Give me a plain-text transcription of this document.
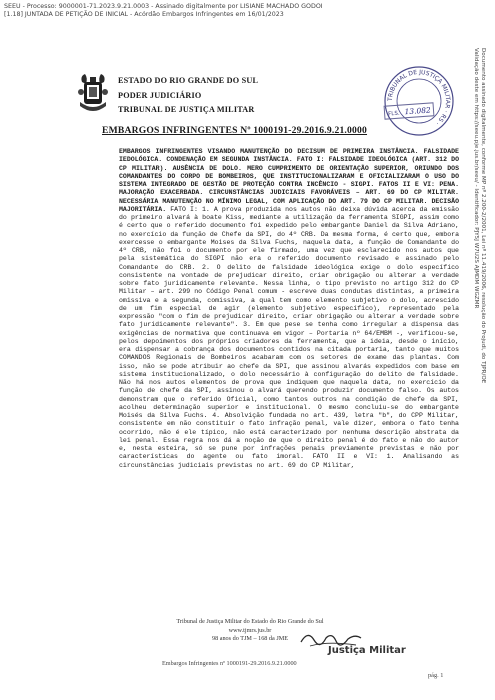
SEEU - Processo: 9000001-71.2023.9.21.0003 - Assinado digitalmente por LISIANE MACHADO GODOI
[1.18] JUNTADA DE PETIÇÃO DE INICIAL - Acórdão Embargos Infringentes em 16/01/2023
ESTADO DO RIO GRANDE DO SUL
PODER JUDICIÁRIO
TRIBUNAL DE JUSTIÇA MILITAR
TRIBUNAL DE JUSTIÇA MILITAR · RS ·
FLS. 13.082	Documento assinado digitalmente, conforme MP nº 2.200-2/2001, Lei nº 11.419/2006, resolução do Projudi, do TJPR/OE
Validação deste em https://seeu.pje.jus.br/seeu/ - Identificador: PJY5J W7U2S AJMDM WGZMR
EMBARGOS INFRINGENTES Nº 1000191-29.2016.9.21.0000
EMBARGOS INFRINGENTES VISANDO MANUTENÇÃO DO DECISUM DE PRIMEIRA INSTÂNCIA. FALSIDADE IEDOLÓGICA. CONDENAÇÃO EM SEGUNDA INSTÂNCIA. FATO I: FALSIDADE IDEOLÓGICA (ART. 312 DO CP MILITAR). AUSÊNCIA DE DOLO. MERO CUMPRIMENTO DE ORIENTAÇÃO SUPERIOR, ORIUNDO DOS COMANDANTES DO CORPO DE BOMBEIROS, QUE INSTITUCIONALIZARAM E OFICIALIZARAM O USO DO SISTEMA INTEGRADO DE GESTÃO DE PROTEÇÃO CONTRA INCÊNCIO - SIGPI. FATOS II E VI: PENA. MAJORAÇÃO EXACERBADA. CIRCUNSTÂNCIAS JUDICIAIS FAVORÁVEIS – ART. 69 DO CP MILITAR. NECESSÁRIA MANUTENÇÃO NO MÍNIMO LEGAL, COM APLICAÇÃO DO ART. 79 DO CP MILITAR. DECISÃO MAJORITÁRIA. FATO I: 1. A prova produzida nos autos não deixa dúvida acerca da emissão do primeiro alvará à boate Kiss, mediante a utilização da ferramenta SIGPI, assim como é certo que o referido documento foi expedido pelo embargante Daniel da Silva Adriano, no exercício da função de Chefe da SPI, do 4º CRB. Da mesma forma, é certo que, embora exercesse o embargante Moises da Silva Fuchs, naquela data, a função de Comandante do 4º CRB, não foi o documento por ele firmado, uma vez que esclarecido nos autos que pela sistemática do SIGPI não era o referido documento revisado e assinado pelo Comandante do CRB. 2. O delito de falsidade ideológica exige o dolo específico consistente na vontade de prejudicar direito, criar obrigação ou alterar a verdade sobre fato juridicamente relevante. Nessa linha, o tipo previsto no artigo 312 do CP Militar – art. 299 no Código Penal comum - escreve duas condutas distintas, a primeira omissiva e a segunda, comissiva, a qual tem como elemento subjetivo o dolo, acrescido de um fim especial de agir (elemento subjetivo específico), representado pela expressão "com o fim de prejudicar direito, criar obrigação ou alterar a verdade sobre fato juridicamente relevante". 3. Em que pese se tenha como irregular a dispensa das exigências de normativa que continuava em vigor – Portaria nº 64/EMBM -, verificou-se, pelos depoimentos dos próprios criadores da ferramenta, que a ideia, desde o início, era dispensar a cobrança dos documentos contidos na citada portaria, tanto que muitos COMANDOS Regionais de Bombeiros acabaram com os setores de exame das plantas. Com isso, não se pode atribuir ao chefe da SPI, que assinou alvarás expedidos com base em sistema institucionalizado, o dolo necessário à configuração do delito de falsidade. Não há nos autos elementos de prova que indiquem que naquela data, no exercício da função de chefe da SPI, assinou o alvará querendo produzir documento falso. Os autos demonstram que o referido Oficial, como tantos outros na condição de chefe da SPI, acolheu determinação superior e institucional. O mesmo concluiu-se do embargante Moisés da Silva Fuchs. 4. Absolvição fundada no art. 439, letra "b", do CPP Militar, consistente em não constituir o fato infração penal, vale dizer, embora o fato tenha ocorrido, não é ele típico, não está caracterizado por nenhuma descrição abstrata da lei penal. Essa regra nos dá a noção de que o direito penal é do fato e não do autor e, nesta esteira, só se pune por infrações penais previamente previstas e não por características do agente ou fato imoral. FATO II e VI: 1. Analisando as circunstâncias judiciais previstas no art. 69 do CP Militar,
Tribunal de Justiça Militar do Estado do Rio Grande do Sul
www.tjmrs.jus.br
98 anos do TJM – 168 da JME
Justiça Militar
Embargos Infringentes nº 1000191-29.2016.9.21.0000
pág. 1
